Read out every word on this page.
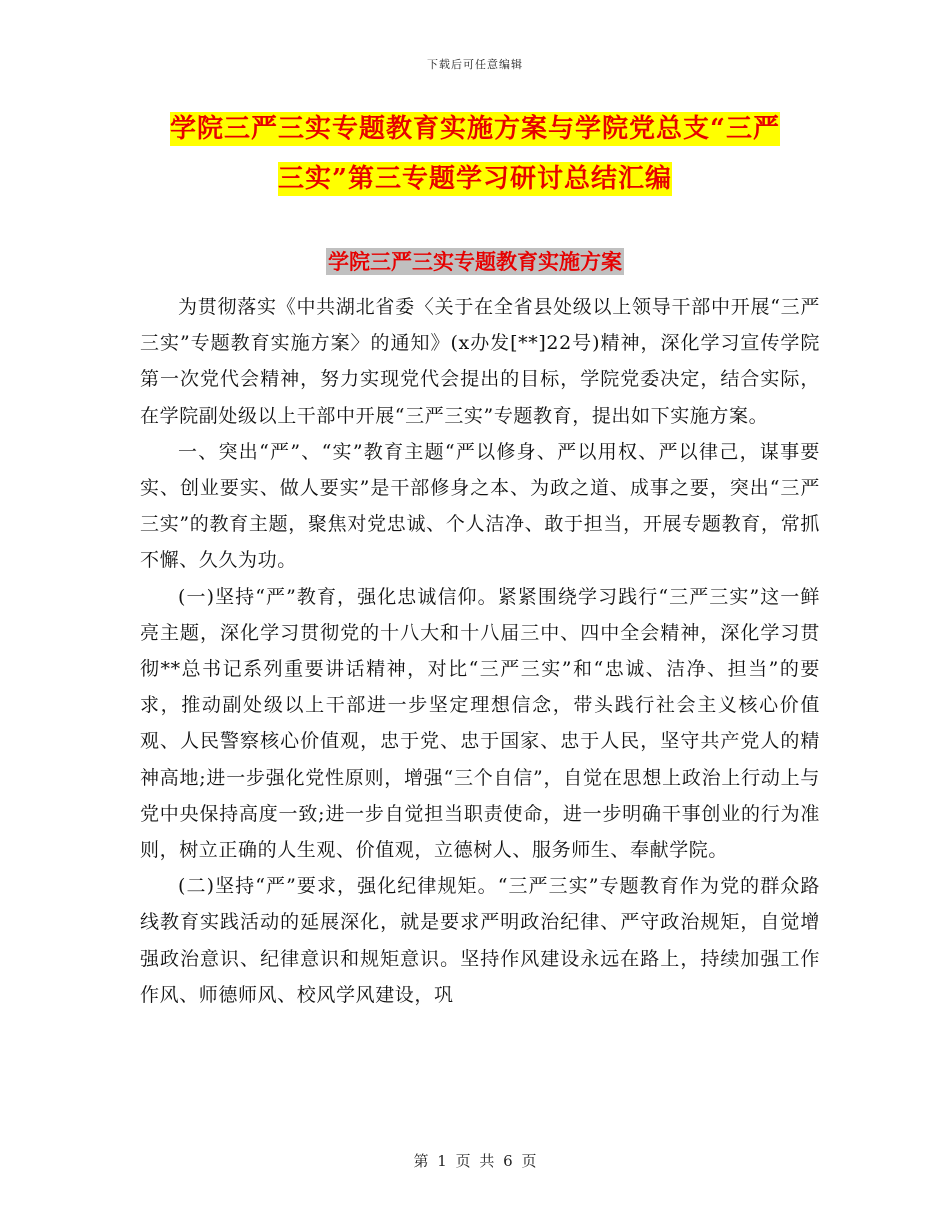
下载后可任意编辑
学院三严三实专题教育实施方案与学院党总支“三严
三实”第三专题学习研讨总结汇编
学院三严三实专题教育实施方案

为贯彻落实《中共湖北省委〈关于在全省县处级以上领导干部中开展“三严三实”专题教育实施方案〉的通知》(x办发[**]22号)精神，深化学习宣传学院第一次党代会精神，努力实现党代会提出的目标，学院党委决定，结合实际，在学院副处级以上干部中开展“三严三实”专题教育，提出如下实施方案。

一、突出“严”、“实”教育主题“严以修身、严以用权、严以律己，谋事要实、创业要实、做人要实”是干部修身之本、为政之道、成事之要，突出“三严三实”的教育主题，聚焦对党忠诚、个人洁净、敢于担当，开展专题教育，常抓不懈、久久为功。

(一)坚持“严”教育，强化忠诚信仰。紧紧围绕学习践行“三严三实”这一鲜亮主题，深化学习贯彻党的十八大和十八届三中、四中全会精神，深化学习贯彻**总书记系列重要讲话精神，对比“三严三实”和“忠诚、洁净、担当”的要求，推动副处级以上干部进一步坚定理想信念，带头践行社会主义核心价值观、人民警察核心价值观，忠于党、忠于国家、忠于人民，坚守共产党人的精神高地;进一步强化党性原则，增强“三个自信”，自觉在思想上政治上行动上与党中央保持高度一致;进一步自觉担当职责使命，进一步明确干事创业的行为准则，树立正确的人生观、价值观，立德树人、服务师生、奉献学院。

(二)坚持“严”要求，强化纪律规矩。“三严三实”专题教育作为党的群众路线教育实践活动的延展深化，就是要求严明政治纪律、严守政治规矩，自觉增强政治意识、纪律意识和规矩意识。坚持作风建设永远在路上，持续加强工作作风、师德师风、校风学风建设，巩

第 1 页 共 6 页
